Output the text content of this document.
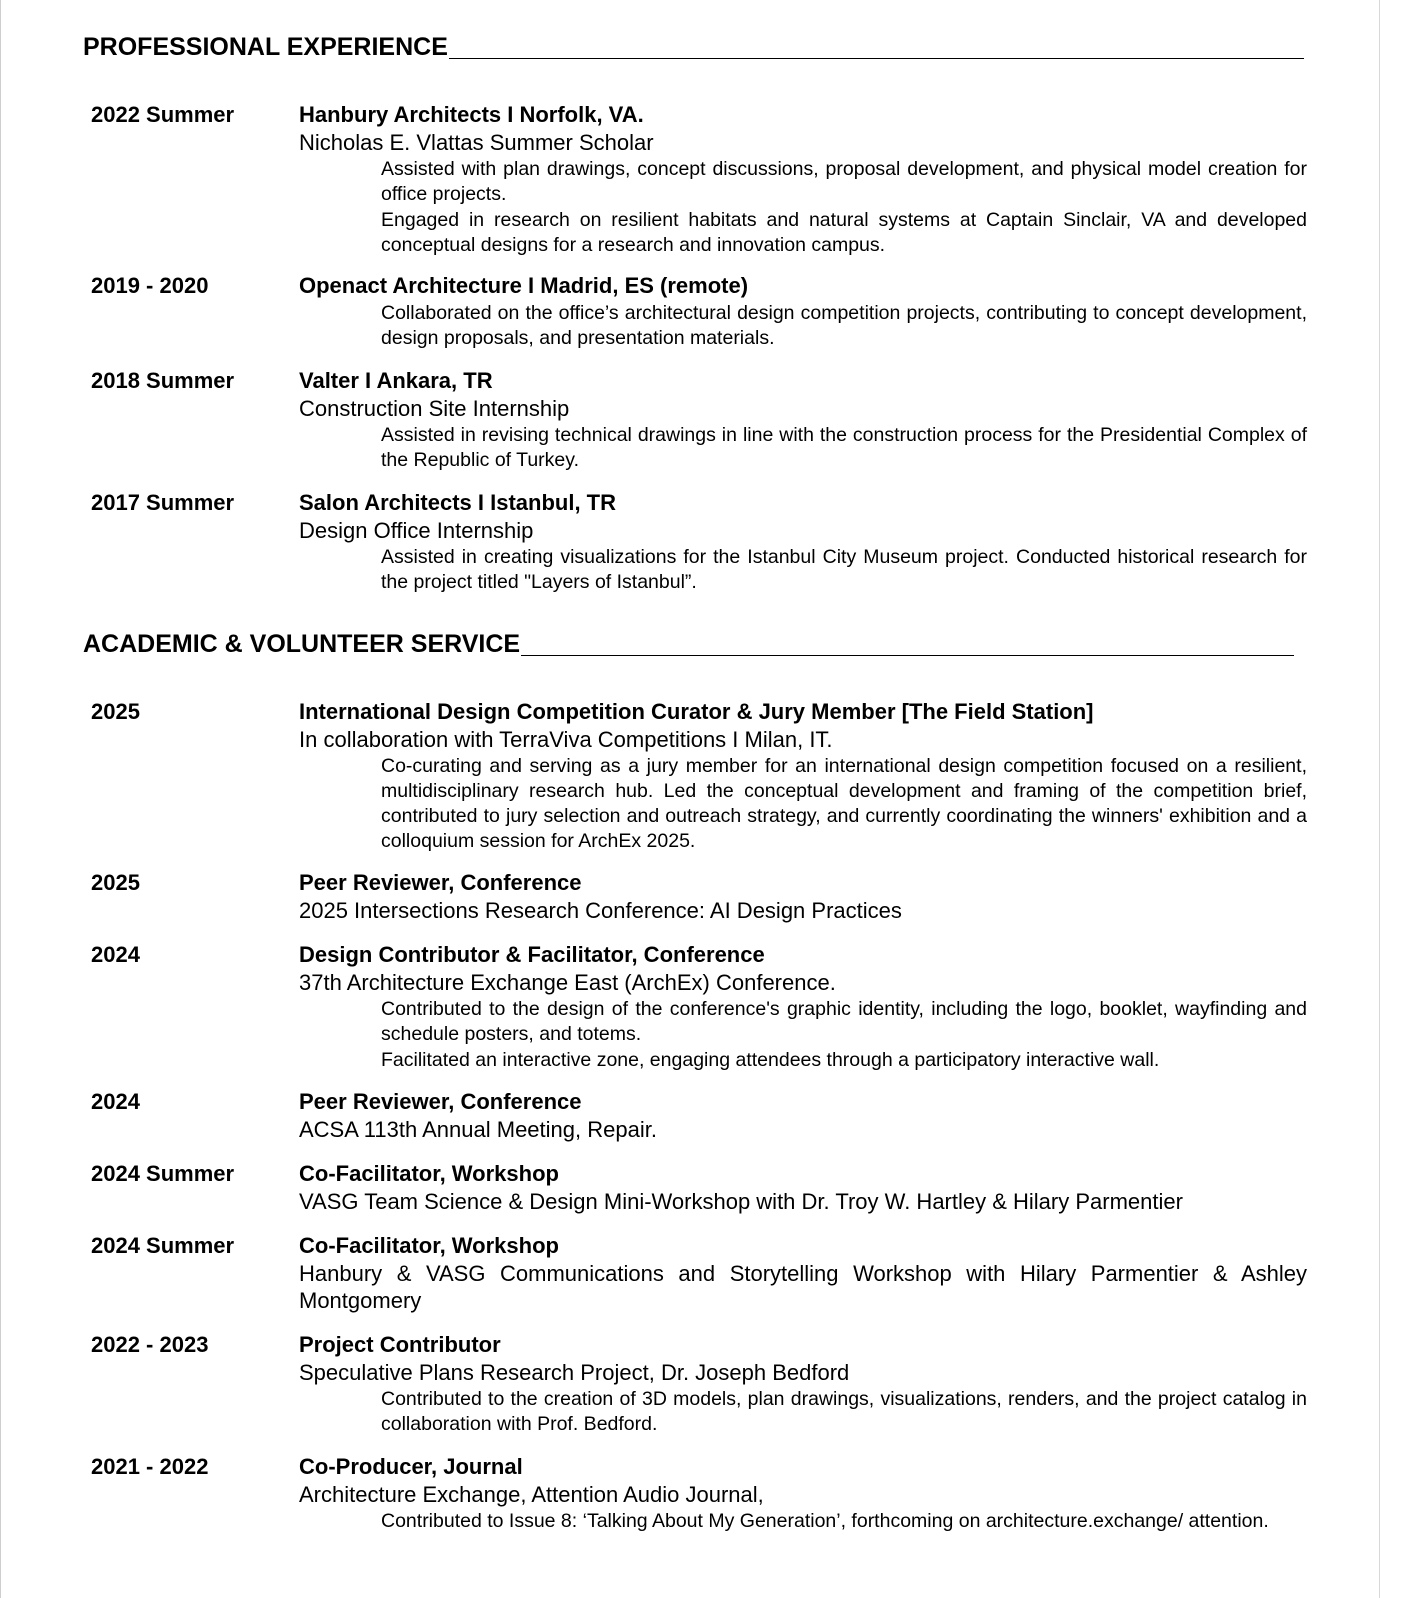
PROFESSIONAL EXPERIENCE
2022 Summer	Hanbury Architects I Norfolk, VA.
Nicholas E. Vlattas Summer Scholar
Assisted with plan drawings, concept discussions, proposal development, and physical model creation for office projects.
Engaged in research on resilient habitats and natural systems at Captain Sinclair, VA and developed conceptual designs for a research and innovation campus.
2019 - 2020	Openact Architecture I Madrid, ES (remote)
Collaborated on the office’s architectural design competition projects, contributing to concept development, design proposals, and presentation materials.
2018 Summer	Valter I Ankara, TR
Construction Site Internship
Assisted in revising technical drawings in line with the construction process for the Presidential Complex of the Republic of Turkey.
2017 Summer	Salon Architects I Istanbul, TR
Design Office Internship
Assisted in creating visualizations for the Istanbul City Museum project. Conducted historical research for the project titled "Layers of Istanbul”.
ACADEMIC & VOLUNTEER SERVICE
2025	International Design Competition Curator & Jury Member [The Field Station]
In collaboration with TerraViva Competitions I Milan, IT.
Co-curating and serving as a jury member for an international design competition focused on a resilient, multidisciplinary research hub. Led the conceptual development and framing of the competition brief, contributed to jury selection and outreach strategy, and currently coordinating the winners' exhibition and a colloquium session for ArchEx 2025.
2025	Peer Reviewer, Conference
2025 Intersections Research Conference: AI Design Practices
2024	Design Contributor & Facilitator, Conference
37th Architecture Exchange East (ArchEx) Conference.
Contributed to the design of the conference's graphic identity, including the logo, booklet, wayfinding and schedule posters, and totems.
Facilitated an interactive zone, engaging attendees through a participatory interactive wall.
2024	Peer Reviewer, Conference
ACSA 113th Annual Meeting, Repair.
2024 Summer	Co-Facilitator, Workshop
VASG Team Science & Design Mini-Workshop with Dr. Troy W. Hartley & Hilary Parmentier
2024 Summer	Co-Facilitator, Workshop
Hanbury & VASG Communications and Storytelling Workshop with Hilary Parmentier & Ashley Montgomery
2022 - 2023	Project Contributor
Speculative Plans Research Project, Dr. Joseph Bedford
Contributed to the creation of 3D models, plan drawings, visualizations, renders, and the project catalog in collaboration with Prof. Bedford.
2021 - 2022	Co-Producer, Journal
Architecture Exchange, Attention Audio Journal,
Contributed to Issue 8: ‘Talking About My Generation’, forthcoming on architecture.exchange/ attention.
